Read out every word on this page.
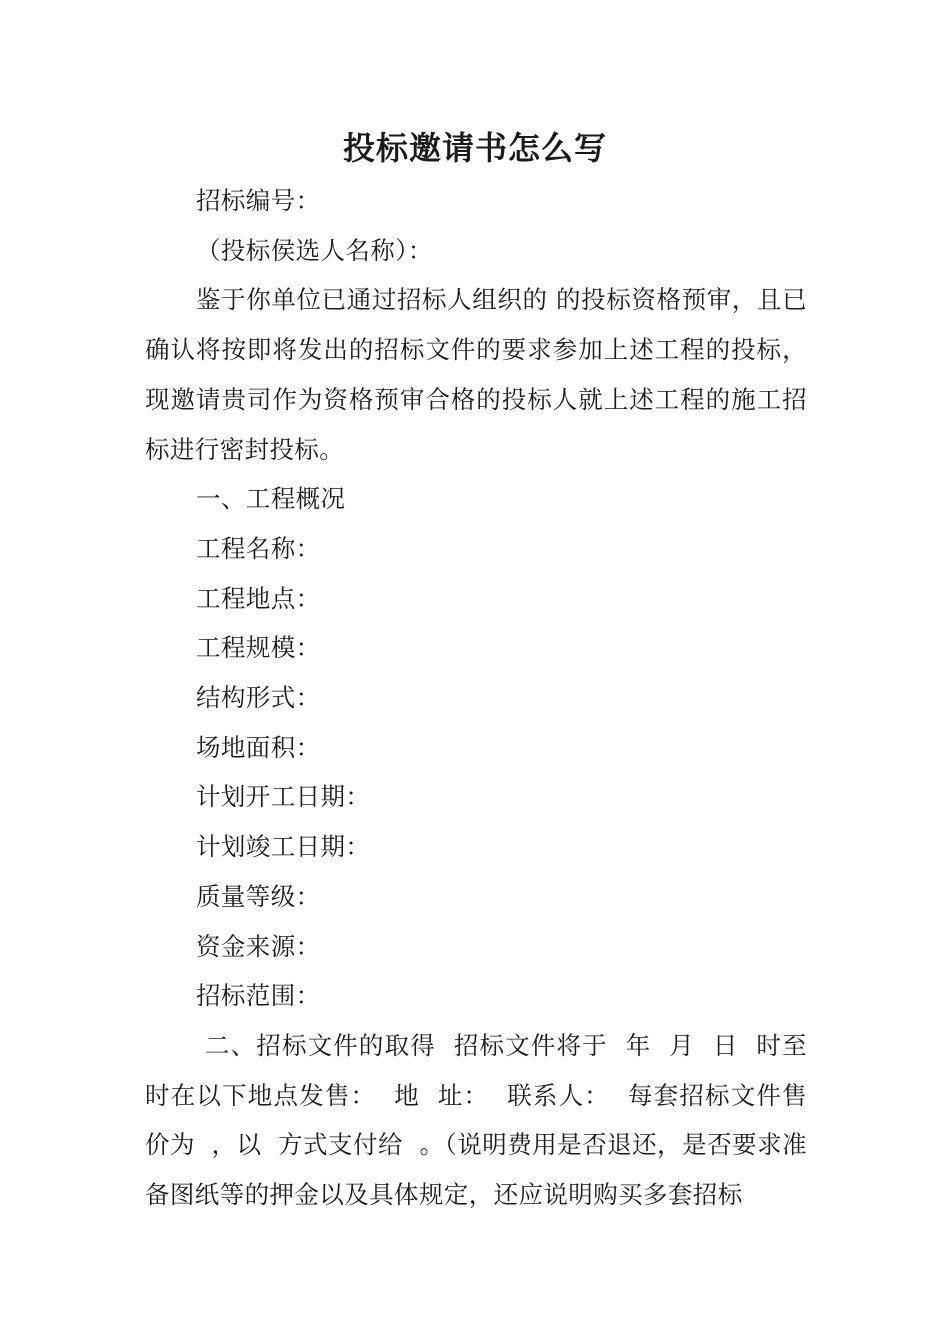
投标邀请书怎么写

招标编号：

（投标侯选人名称）：

鉴于你单位已通过招标人组织的 的投标资格预审，且已确认将按即将发出的招标文件的要求参加上述工程的投标，现邀请贵司作为资格预审合格的投标人就上述工程的施工招标进行密封投标。

一、工程概况

工程名称：

工程地点：

工程规模：

结构形式：

场地面积：

计划开工日期：

计划竣工日期：

质量等级：

资金来源：

招标范围：

二、招标文件的取得  招标文件将于  年  月  日  时至  时在以下地点发售：  地  址：  联系人：  每套招标文件售价为  ，以  方式支付给  。（说明费用是否退还，是否要求准备图纸等的押金以及具体规定，还应说明购买多套招标
